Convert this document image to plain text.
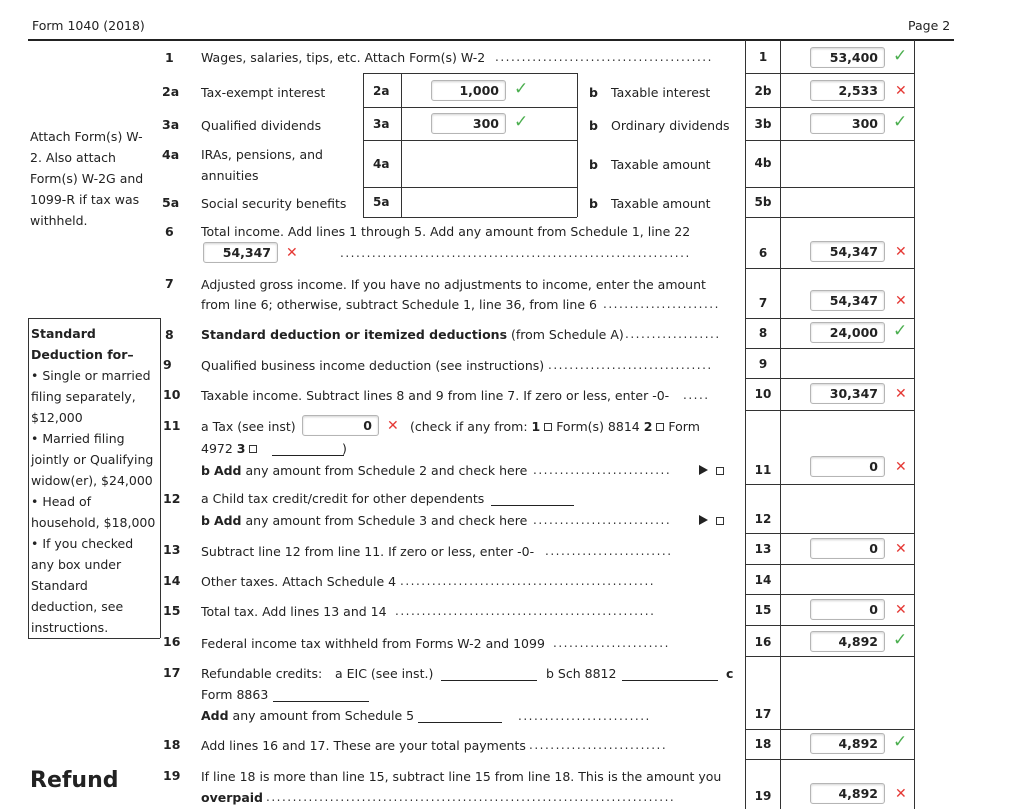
Form 1040 (2018)	Page 2
Attach Form(s) W-
2. Also attach
Form(s) W-2G and
1099-R if tax was
withheld.
Standard
Deduction for–
• Single or married
filing separately,
$12,000
• Married filing
jointly or Qualifying
widow(er), $24,000
• Head of
household, $18,000
• If you checked
any box under
Standard
deduction, see
instructions.
Refund
1 Wages, salaries, tips, etc. Attach Form(s) W-2 .........................................	1	53,400 ✓
2a Tax-exempt interest	2a	1,000 ✓	b Taxable interest	2b	2,533	✕
3a Qualified dividends	3a	300 ✓	b Ordinary dividends	3b	300 ✓
4a IRAs, pensions, and
annuities
4a	b Taxable amount	4b
5a Social security benefits 5a	b Taxable amount	5b
6 Total income. Add lines 1 through 5. Add any amount from Schedule 1, line 22
54,347	✕	..................................................................	6	54,347	✕
7 Adjusted gross income. If you have no adjustments to income, enter the amount
from line 6; otherwise, subtract Schedule 1, line 36, from line 6 ......................	7	54,347	✕
8 Standard deduction or itemized deductions (from Schedule A) ..................	8	24,000 ✓
9 Qualified business income deduction (see instructions) ...............................	9
10 Taxable income. Subtract lines 8 and 9 from line 7. If zero or less, enter -0- .....	10	30,347	✕
11 a Tax (see inst)	0	✕ (check if any from: 1  Form(s) 8814 2  Form
4972 3	)
b Add any amount from Schedule 2 and check here ..........................	11	0	✕
12 a Child tax credit/credit for other dependents
b Add any amount from Schedule 3 and check here ..........................	12
13 Subtract line 12 from line 11. If zero or less, enter -0- ........................	13	0	✕
14 Other taxes. Attach Schedule 4 ................................................	14
15 Total tax. Add lines 13 and 14 .................................................	15	0	✕
16 Federal income tax withheld from Forms W-2 and 1099 ......................	16	4,892 ✓
17 Refundable credits: a EIC (see inst.)	b Sch 8812	c
Form 8863
Add any amount from Schedule 5	.........................	17
18 Add lines 16 and 17. These are your total payments ..........................	18	4,892 ✓
19 If line 18 is more than line 15, subtract line 15 from line 18. This is the amount you
overpaid .............................................................................	19	4,892	✕
